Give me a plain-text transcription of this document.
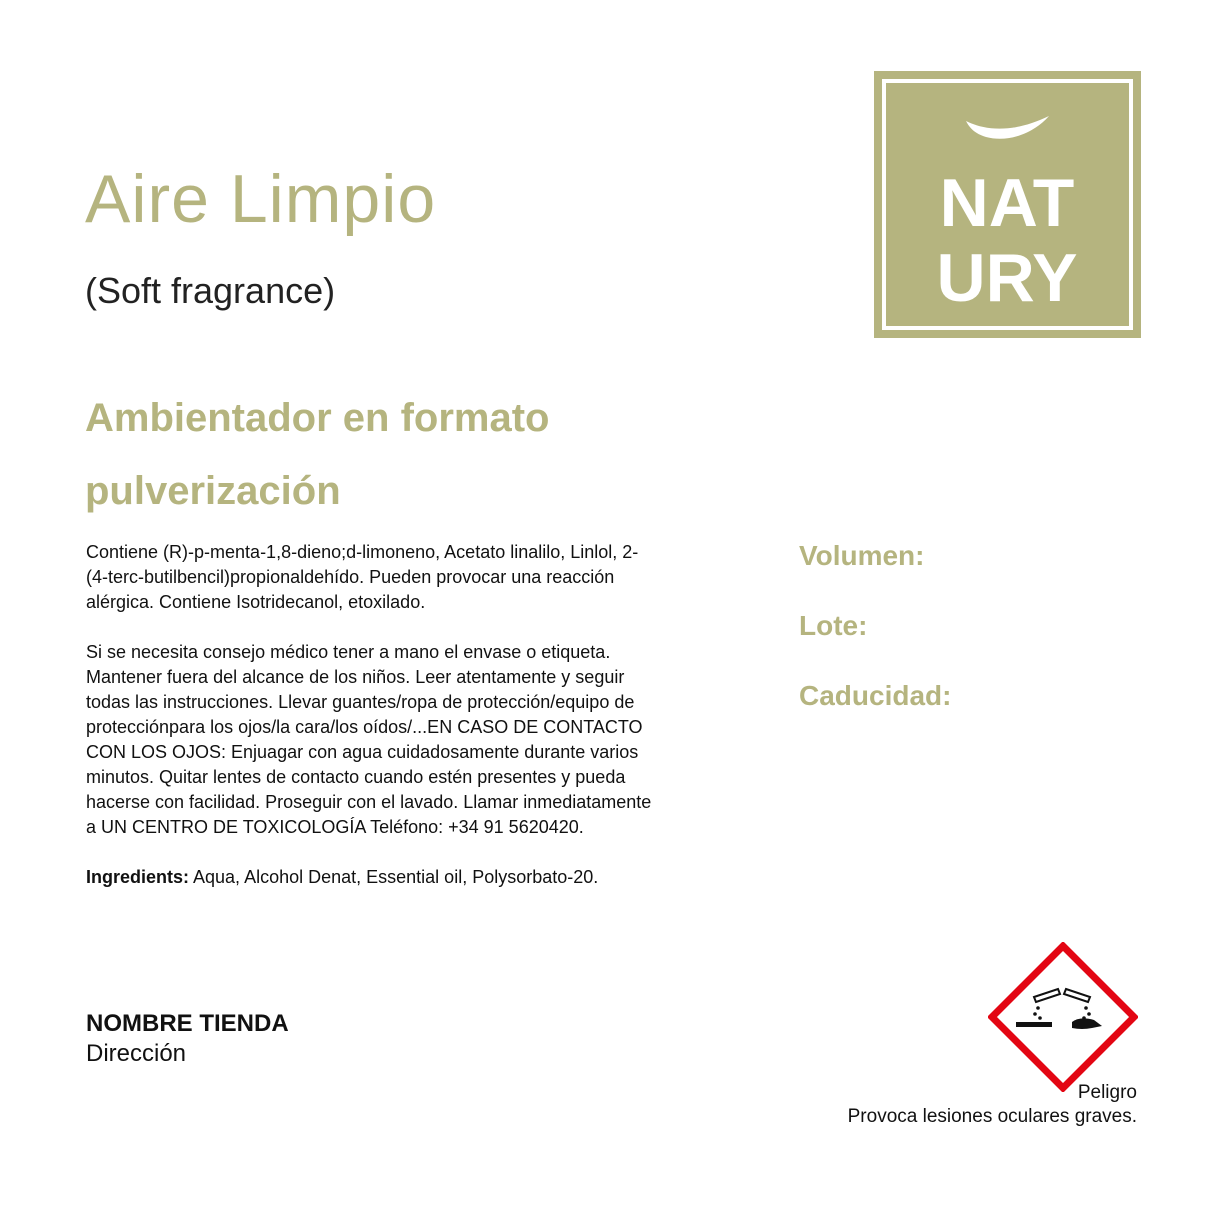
Aire Limpio

(Soft fragrance)

Ambientador en formato pulverización

Contiene (R)-p-menta-1,8-dieno;d-limoneno, Acetato linalilo, Linlol, 2-(4-terc-butilbencil)propionaldehído. Pueden provocar una reacción alérgica. Contiene Isotridecanol, etoxilado.

Si se necesita consejo médico tener a mano el envase o etiqueta. Mantener fuera del alcance de los niños. Leer atentamente y seguir todas las instrucciones. Llevar guantes/ropa de protección/equipo de protecciónpara los ojos/la cara/los oídos/...EN CASO DE CONTACTO CON LOS OJOS: Enjuagar con agua cuidadosamente durante varios minutos. Quitar lentes de contacto cuando estén presentes y pueda hacerse con facilidad. Proseguir con el lavado. Llamar inmediatamente a UN CENTRO DE TOXICOLOGÍA Teléfono: +34 91 5620420.

Ingredients: Aqua, Alcohol Denat, Essential oil, Polysorbato-20.

Volumen:
Lote:
Caducidad:

NOMBRE TIENDA

Dirección

NAT
URY
Peligro
Provoca lesiones oculares graves.
